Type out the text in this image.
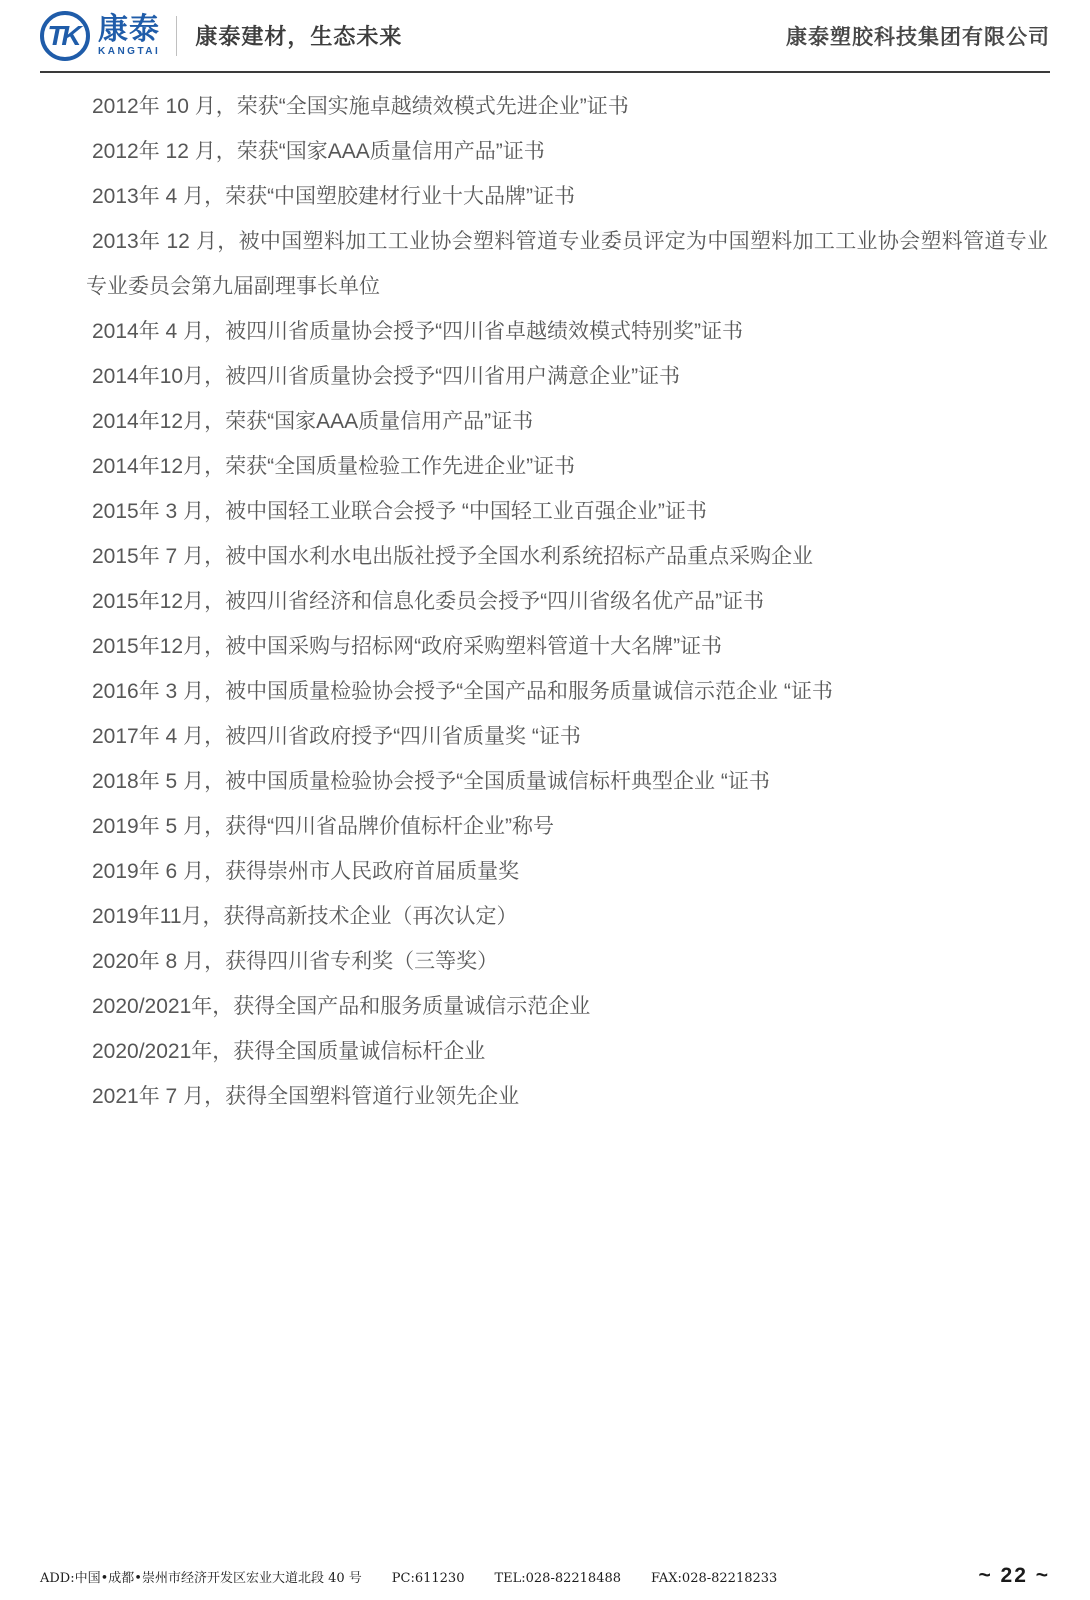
TK 康泰
KANGTAI
康泰建材，生态未来	康泰塑胶科技集团有限公司

2012年 10 月，荣获“全国实施卓越绩效模式先进企业”证书

2012年 12 月，荣获“国家AAA质量信用产品”证书

2013年 4 月，荣获“中国塑胶建材行业十大品牌”证书

2013年 12 月，被中国塑料加工工业协会塑料管道专业委员评定为中国塑料加工工业协会塑料管道专业专业委员会第九届副理事长单位

2014年 4 月，被四川省质量协会授予“四川省卓越绩效模式特别奖”证书

2014年10月，被四川省质量协会授予“四川省用户满意企业”证书

2014年12月，荣获“国家AAA质量信用产品”证书

2014年12月，荣获“全国质量检验工作先进企业”证书

2015年 3 月，被中国轻工业联合会授予 “中国轻工业百强企业”证书

2015年 7 月，被中国水利水电出版社授予全国水利系统招标产品重点采购企业

2015年12月，被四川省经济和信息化委员会授予“四川省级名优产品”证书

2015年12月，被中国采购与招标网“政府采购塑料管道十大名牌”证书

2016年 3 月，被中国质量检验协会授予“全国产品和服务质量诚信示范企业 “证书

2017年 4 月，被四川省政府授予“四川省质量奖 “证书

2018年 5 月，被中国质量检验协会授予“全国质量诚信标杆典型企业 “证书

2019年 5 月，获得“四川省品牌价值标杆企业”称号

2019年 6 月，获得崇州市人民政府首届质量奖

2019年11月，获得高新技术企业（再次认定）

2020年 8 月，获得四川省专利奖（三等奖）

2020/2021年，获得全国产品和服务质量诚信示范企业

2020/2021年，获得全国质量诚信标杆企业

2021年 7 月，获得全国塑料管道行业领先企业

ADD:中国•成都•崇州市经济开发区宏业大道北段 40 号 PC:611230 TEL:028-82218488 FAX:028-82218233	~ 22 ~
